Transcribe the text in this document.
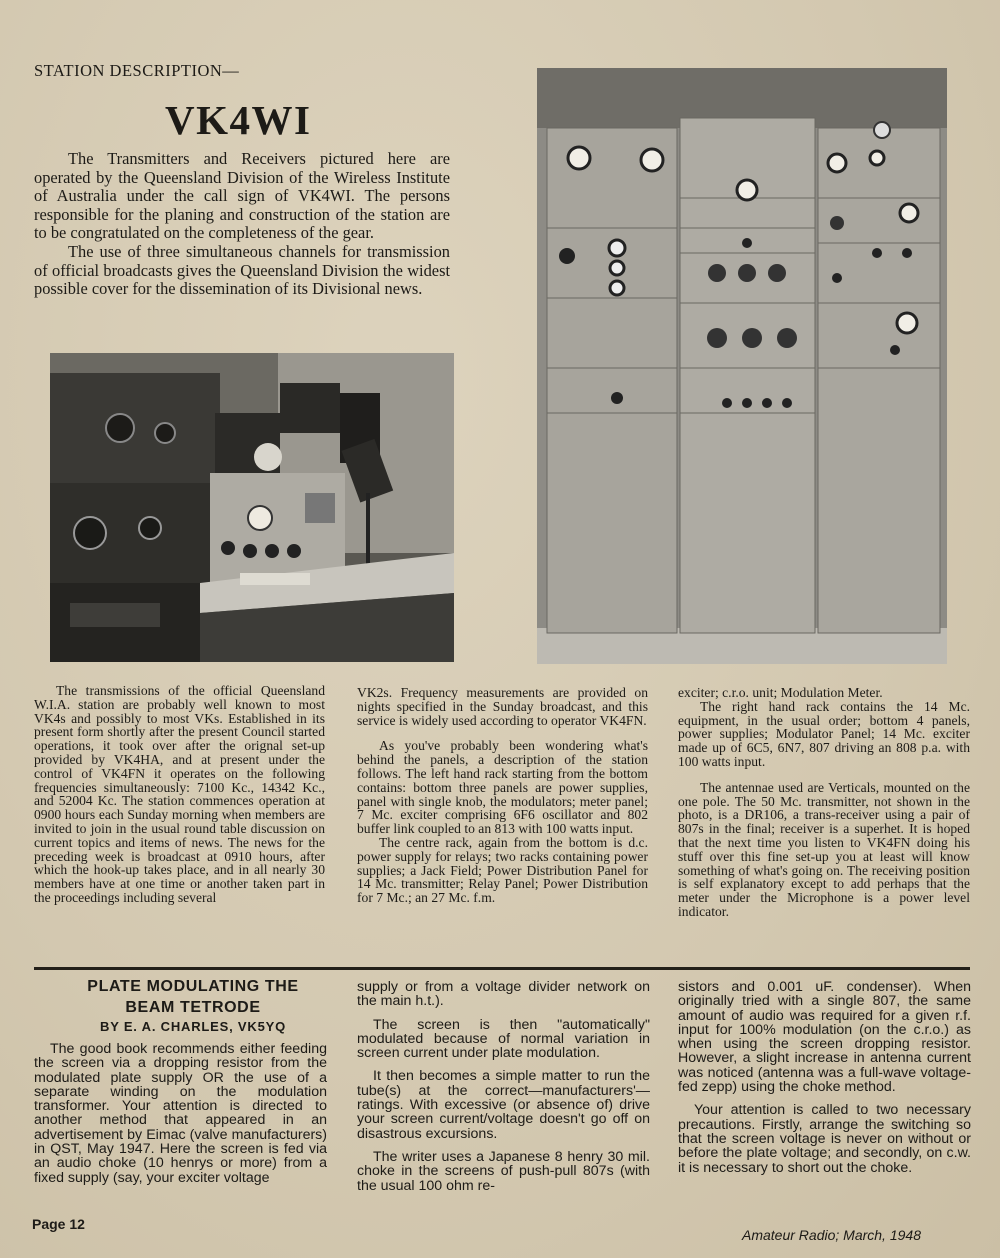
STATION DESCRIPTION—
VK4WI

The Transmitters and Receivers pictured here are operated by the Queensland Division of the Wireless Institute of Australia under the call sign of VK4WI. The persons responsible for the planing and construction of the station are to be congratulated on the completeness of the gear.

The use of three simultaneous channels for transmission of official broadcasts gives the Queensland Division the widest possible cover for the dissemination of its Divisional news.

The transmissions of the official Queensland W.I.A. station are probably well known to most VK4s and possibly to most VKs. Established in its present form shortly after the present Council started operations, it took over after the orignal set-up provided by VK4HA, and at present under the control of VK4FN it operates on the following frequencies simultaneously: 7100 Kc., 14342 Kc., and 52004 Kc. The station commences operation at 0900 hours each Sunday morning when members are invited to join in the usual round table discussion on current topics and items of news. The news for the preceding week is broadcast at 0910 hours, after which the hook-up takes place, and in all nearly 30 members have at one time or another taken part in the proceedings including several

VK2s. Frequency measurements are provided on nights specified in the Sunday broadcast, and this service is widely used according to operator VK4FN.

As you've probably been wondering what's behind the panels, a description of the station follows. The left hand rack starting from the bottom contains: bottom three panels are power supplies, panel with single knob, the modulators; meter panel; 7 Mc. exciter comprising 6F6 oscillator and 802 buffer link coupled to an 813 with 100 watts input.

The centre rack, again from the bottom is d.c. power supply for relays; two racks containing power supplies; a Jack Field; Power Distribution Panel for 14 Mc. transmitter; Relay Panel; Power Distribution for 7 Mc.; an 27 Mc. f.m.

exciter; c.r.o. unit; Modulation Meter.

The right hand rack contains the 14 Mc. equipment, in the usual order; bottom 4 panels, power supplies; Modulator Panel; 14 Mc. exciter made up of 6C5, 6N7, 807 driving an 808 p.a. with 100 watts input.

The antennae used are Verticals, mounted on the one pole. The 50 Mc. transmitter, not shown in the photo, is a DR106, a trans-receiver using a pair of 807s in the final; receiver is a superhet. It is hoped that the next time you listen to VK4FN doing his stuff over this fine set-up you at least will know something of what's going on. The receiving position is self explanatory except to add perhaps that the meter under the Microphone is a power level indicator.

PLATE MODULATING THE
BEAM TETRODE
BY E. A. CHARLES, VK5YQ

The good book recommends either feeding the screen via a dropping resistor from the modulated plate supply OR the use of a separate winding on the modulation transformer. Your attention is directed to another method that appeared in an advertisement by Eimac (valve manufacturers) in QST, May 1947. Here the screen is fed via an audio choke (10 henrys or more) from a fixed supply (say, your exciter voltage

supply or from a voltage divider network on the main h.t.).

The screen is then "automatically" modulated because of normal variation in screen current under plate modulation.

It then becomes a simple matter to run the tube(s) at the correct—manufacturers'—ratings. With excessive (or absence of) drive your screen current/voltage doesn't go off on disastrous excursions.

The writer uses a Japanese 8 henry 30 mil. choke in the screens of push-pull 807s (with the usual 100 ohm re-

sistors and 0.001 uF. condenser). When originally tried with a single 807, the same amount of audio was required for a given r.f. input for 100% modulation (on the c.r.o.) as when using the screen dropping resistor. However, a slight increase in antenna current was noticed (antenna was a full-wave voltage-fed zepp) using the choke method.

Your attention is called to two necessary precautions. Firstly, arrange the switching so that the screen voltage is never on without or before the plate voltage; and secondly, on c.w. it is necessary to short out the choke.

Page 12
Amateur Radio; March, 1948
